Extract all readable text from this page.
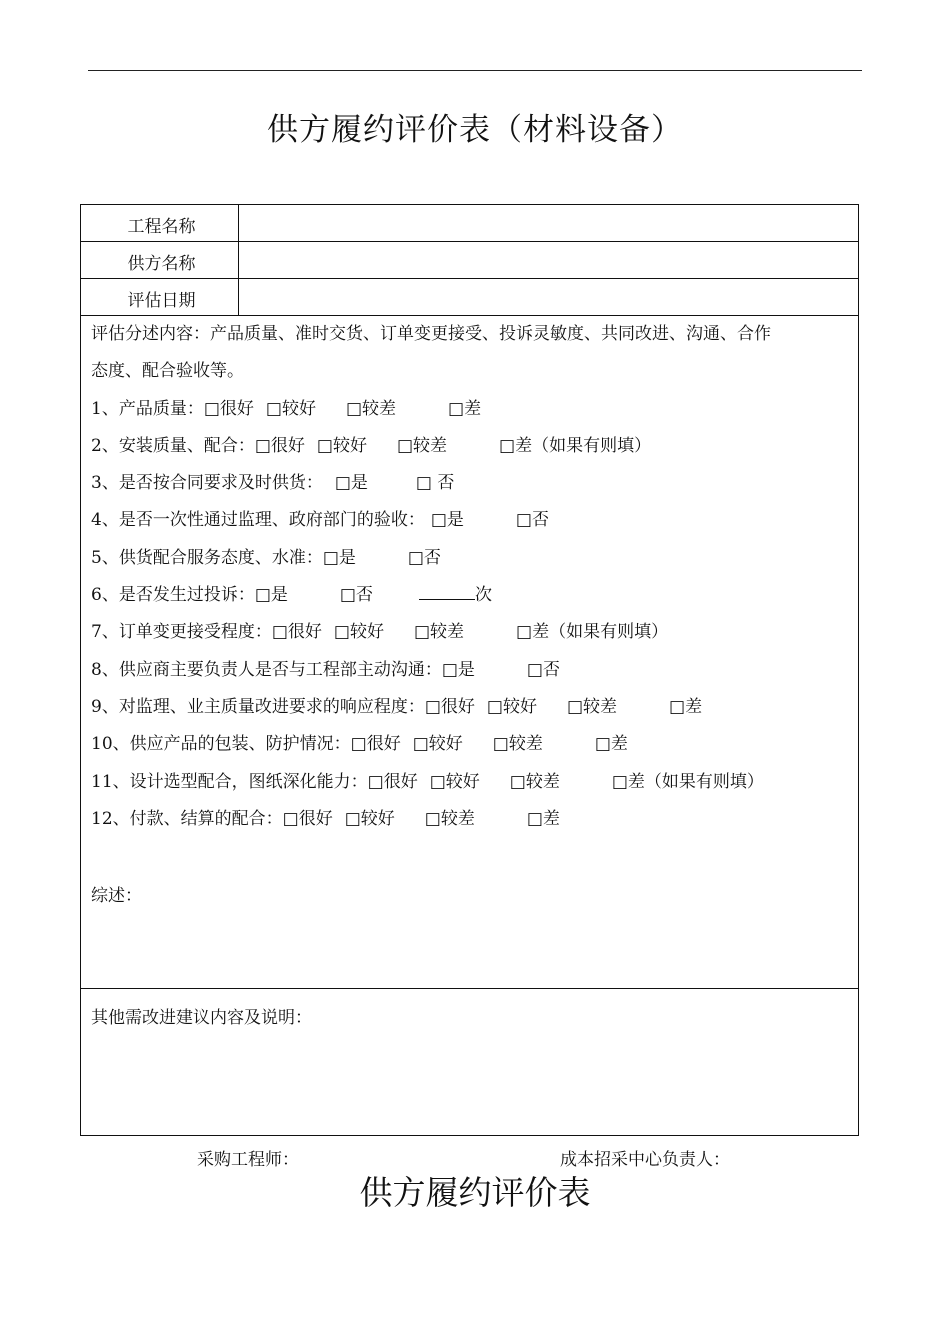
供方履约评价表（材料设备）
工程名称
供方名称
评估日期
评估分述内容：产品质量、准时交货、订单变更接受、投诉灵敏度、共同改进、沟通、合作
态度、配合验收等。
1、产品质量：□很好 □较好 □较差	□差
2、安装质量、配合：□很好 □较好 □较差	□差（如果有则填）
3、是否按合同要求及时供货： □是	□ 否
4、是否一次性通过监理、政府部门的验收： □是	□否
5、供货配合服务态度、水准：□是	□否
6、是否发生过投诉：□是	□否	次
7、订单变更接受程度：□很好 □较好 □较差	□差（如果有则填）
8、供应商主要负责人是否与工程部主动沟通：□是	□否
9、对监理、业主质量改进要求的响应程度：□很好 □较好 □较差	□差
10、供应产品的包装、防护情况：□很好 □较好 □较差	□差
11、设计选型配合，图纸深化能力：□很好 □较好 □较差	□差（如果有则填）
12、付款、结算的配合：□很好 □较好 □较差	□差
综述：
其他需改进建议内容及说明：
采购工程师：	成本招采中心负责人：
供方履约评价表
